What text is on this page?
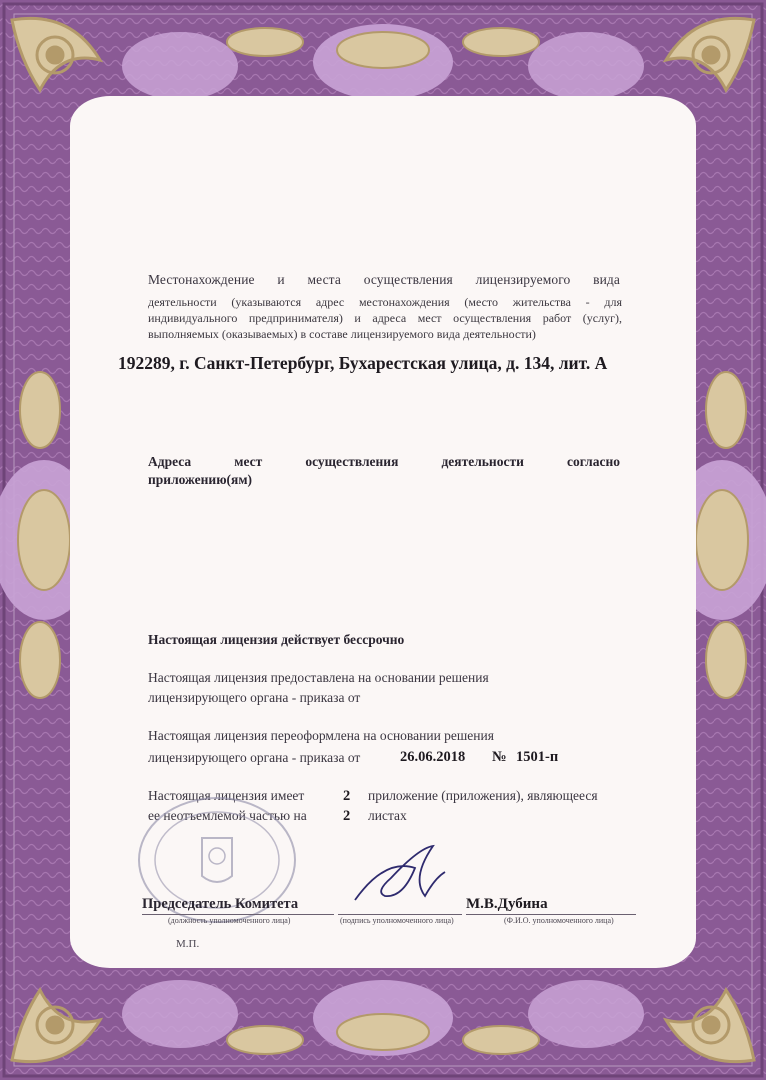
Местонахождение и места осуществления лицензируемого вида
деятельности (указываются адрес местонахождения (место жительства - для
индивидуального предпринимателя) и адреса мест осуществления работ (услуг),
выполняемых (оказываемых) в составе лицензируемого вида деятельности)
192289, г. Санкт-Петербург, Бухарестская улица, д. 134, лит. А
Адреса мест осуществления деятельности согласно
приложению(ям)
Настоящая лицензия действует бессрочно
Настоящая лицензия предоставлена на основании решения
лицензирующего органа - приказа от
Настоящая лицензия переоформлена на основании решения
лицензирующего органа - приказа от	26.06.2018 № 1501-п
Настоящая лицензия имеет	2 приложение (приложения), являющееся
ее неотъемлемой частью на	2 листах
Председатель Комитета	М.В.Дубина
(должность уполномоченного лица)	(подпись уполномоченного лица)	(Ф.И.О. уполномоченного лица)
М.П.
